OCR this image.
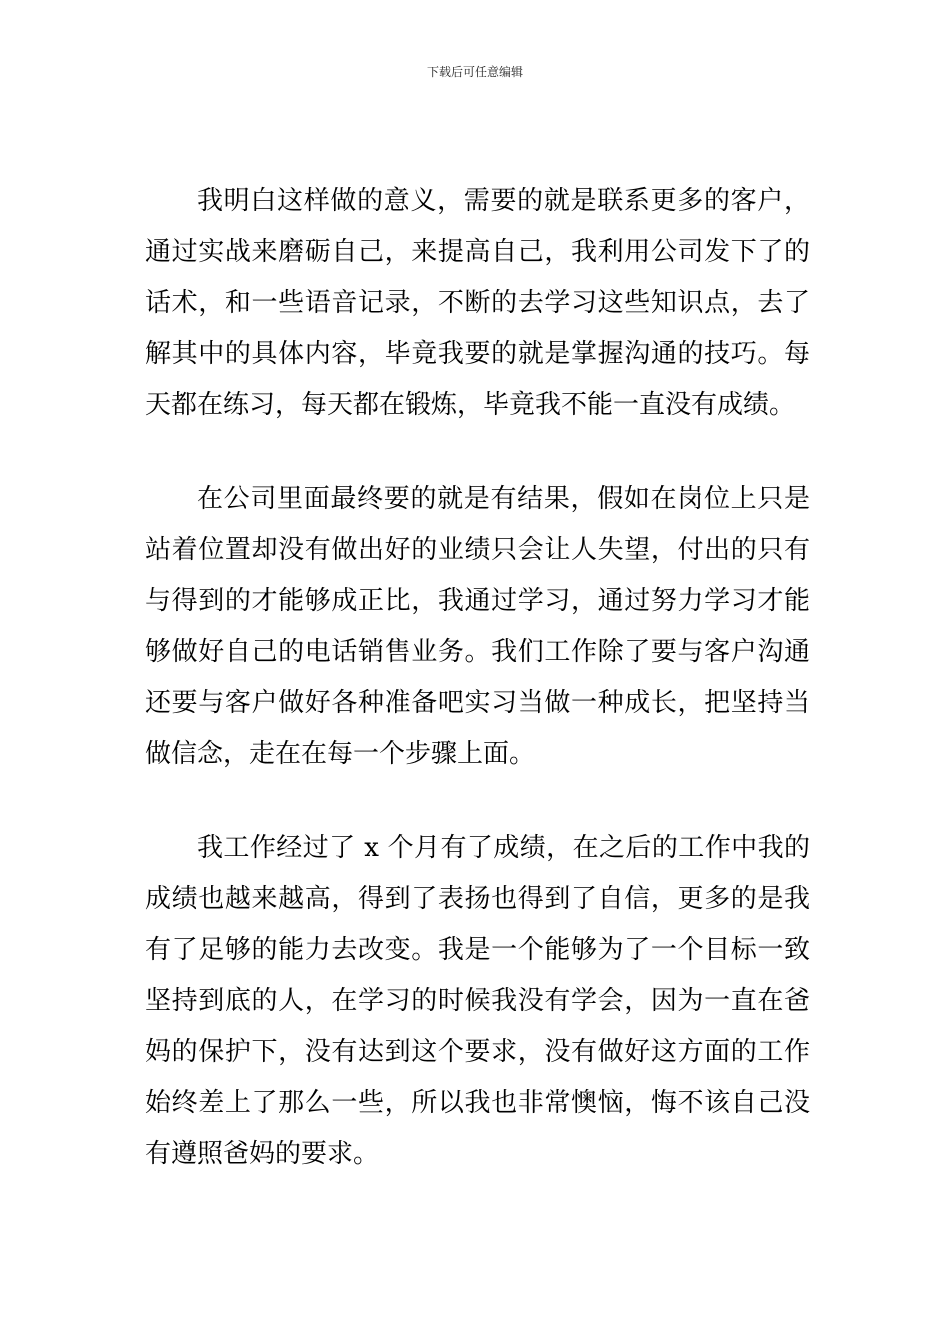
下载后可任意编辑

我明白这样做的意义，需要的就是联系更多的客户，通过实战来磨砺自己，来提高自己，我利用公司发下了的话术，和一些语音记录，不断的去学习这些知识点，去了解其中的具体内容，毕竟我要的就是掌握沟通的技巧。每天都在练习，每天都在锻炼，毕竟我不能一直没有成绩。

在公司里面最终要的就是有结果，假如在岗位上只是站着位置却没有做出好的业绩只会让人失望，付出的只有与得到的才能够成正比，我通过学习，通过努力学习才能够做好自己的电话销售业务。我们工作除了要与客户沟通还要与客户做好各种准备吧实习当做一种成长，把坚持当做信念，走在在每一个步骤上面。

我工作经过了 x 个月有了成绩，在之后的工作中我的成绩也越来越高，得到了表扬也得到了自信，更多的是我有了足够的能力去改变。我是一个能够为了一个目标一致坚持到底的人，在学习的时候我没有学会，因为一直在爸妈的保护下，没有达到这个要求，没有做好这方面的工作始终差上了那么一些，所以我也非常懊恼，悔不该自己没有遵照爸妈的要求。
